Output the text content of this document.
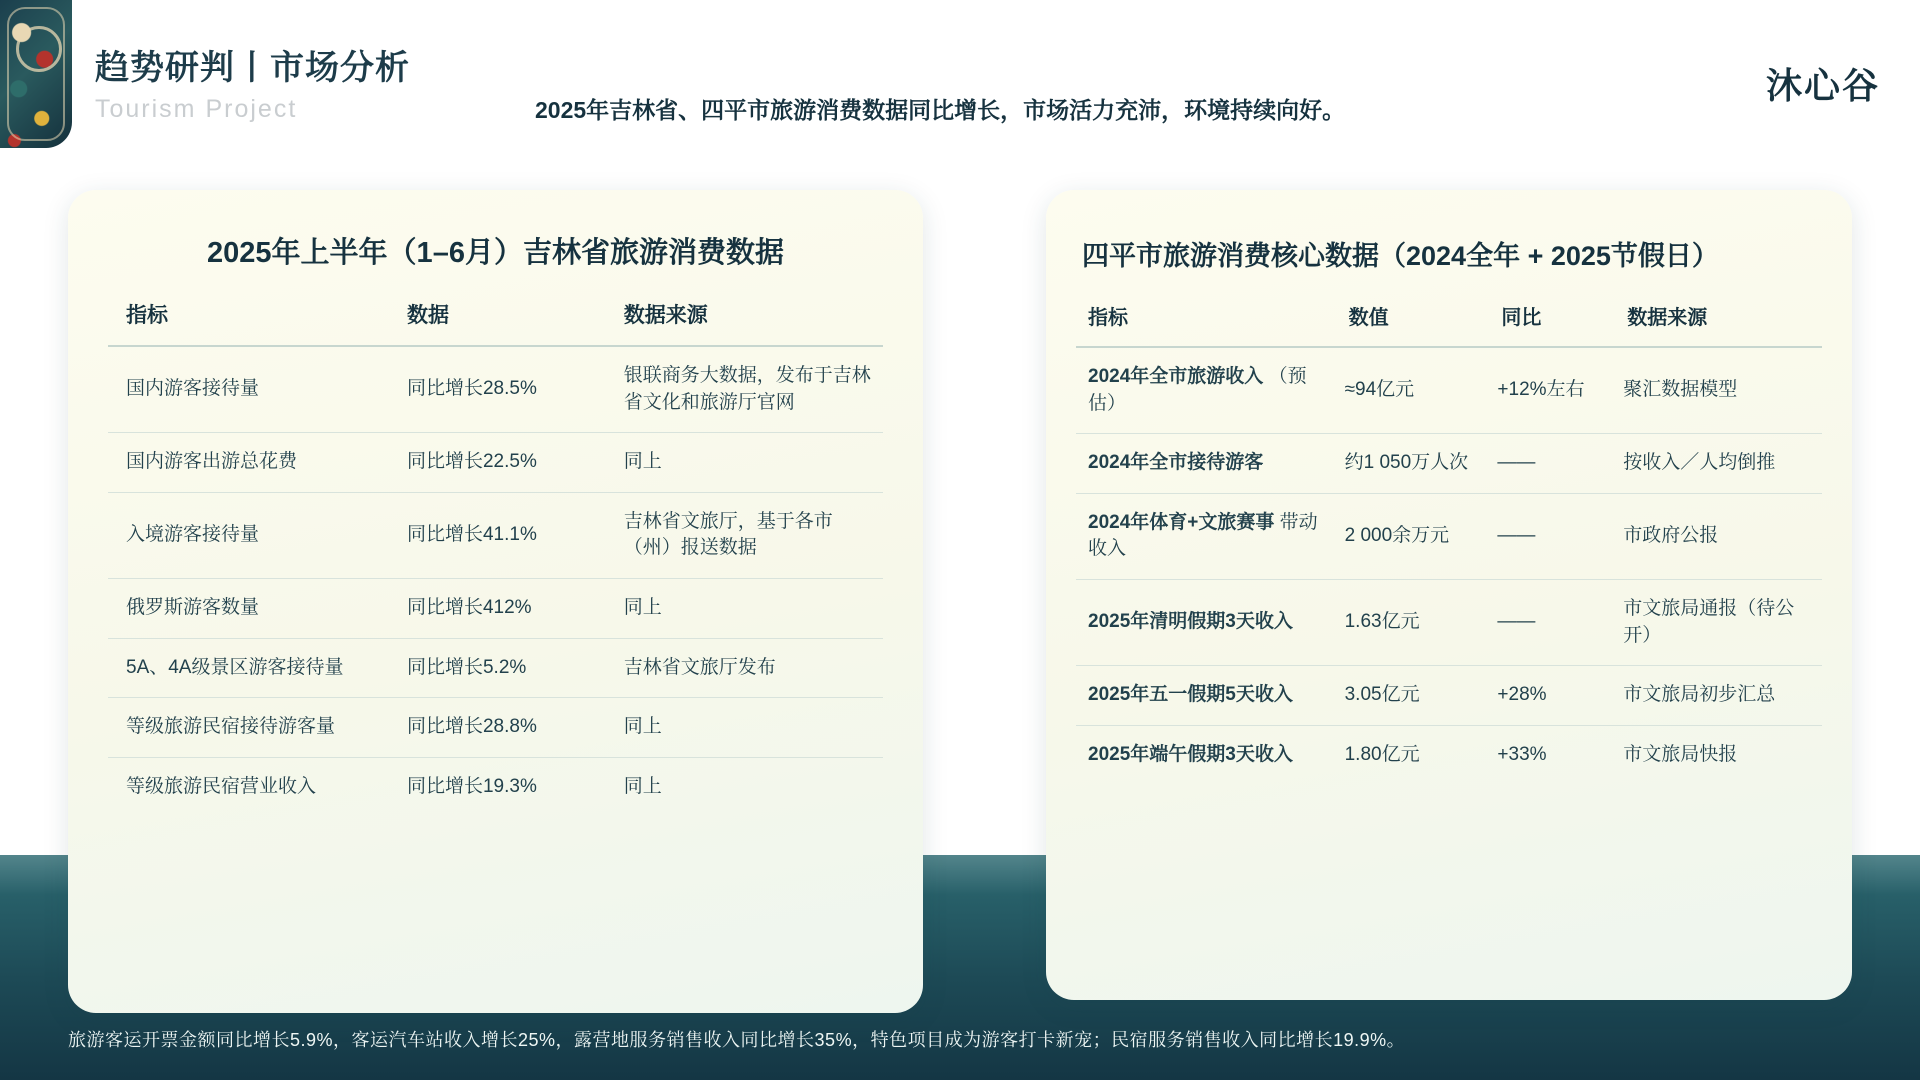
趋势研判丨市场分析
Tourism Project	2025年吉林省、四平市旅游消费数据同比增长，市场活力充沛，环境持续向好。
沐心谷
2025年上半年（1–6月）吉林省旅游消费数据
指标	数据	数据来源
国内游客接待量	同比增长28.5%	银联商务大数据，发布于吉林省文化和旅游厅官网
国内游客出游总花费	同比增长22.5%	同上
入境游客接待量	同比增长41.1%	吉林省文旅厅，基于各市（州）报送数据
俄罗斯游客数量	同比增长412%	同上
5A、4A级景区游客接待量	同比增长5.2%	吉林省文旅厅发布
等级旅游民宿接待游客量	同比增长28.8%	同上
等级旅游民宿营业收入	同比增长19.3%	同上
四平市旅游消费核心数据（2024全年 + 2025节假日）
指标	数值	同比	数据来源
2024年全市旅游收入 （预估）	≈94亿元	+12%左右	聚汇数据模型
2024年全市接待游客	约1 050万人次	——	按收入／人均倒推
2024年体育+文旅赛事 带动收入	2 000余万元	——	市政府公报
2025年清明假期3天收入	1.63亿元	——	市文旅局通报（待公开）
2025年五一假期5天收入	3.05亿元	+28%	市文旅局初步汇总
2025年端午假期3天收入	1.80亿元	+33%	市文旅局快报
旅游客运开票金额同比增长5.9%，客运汽车站收入增长25%，露营地服务销售收入同比增长35%，特色项目成为游客打卡新宠；民宿服务销售收入同比增长19.9%。
